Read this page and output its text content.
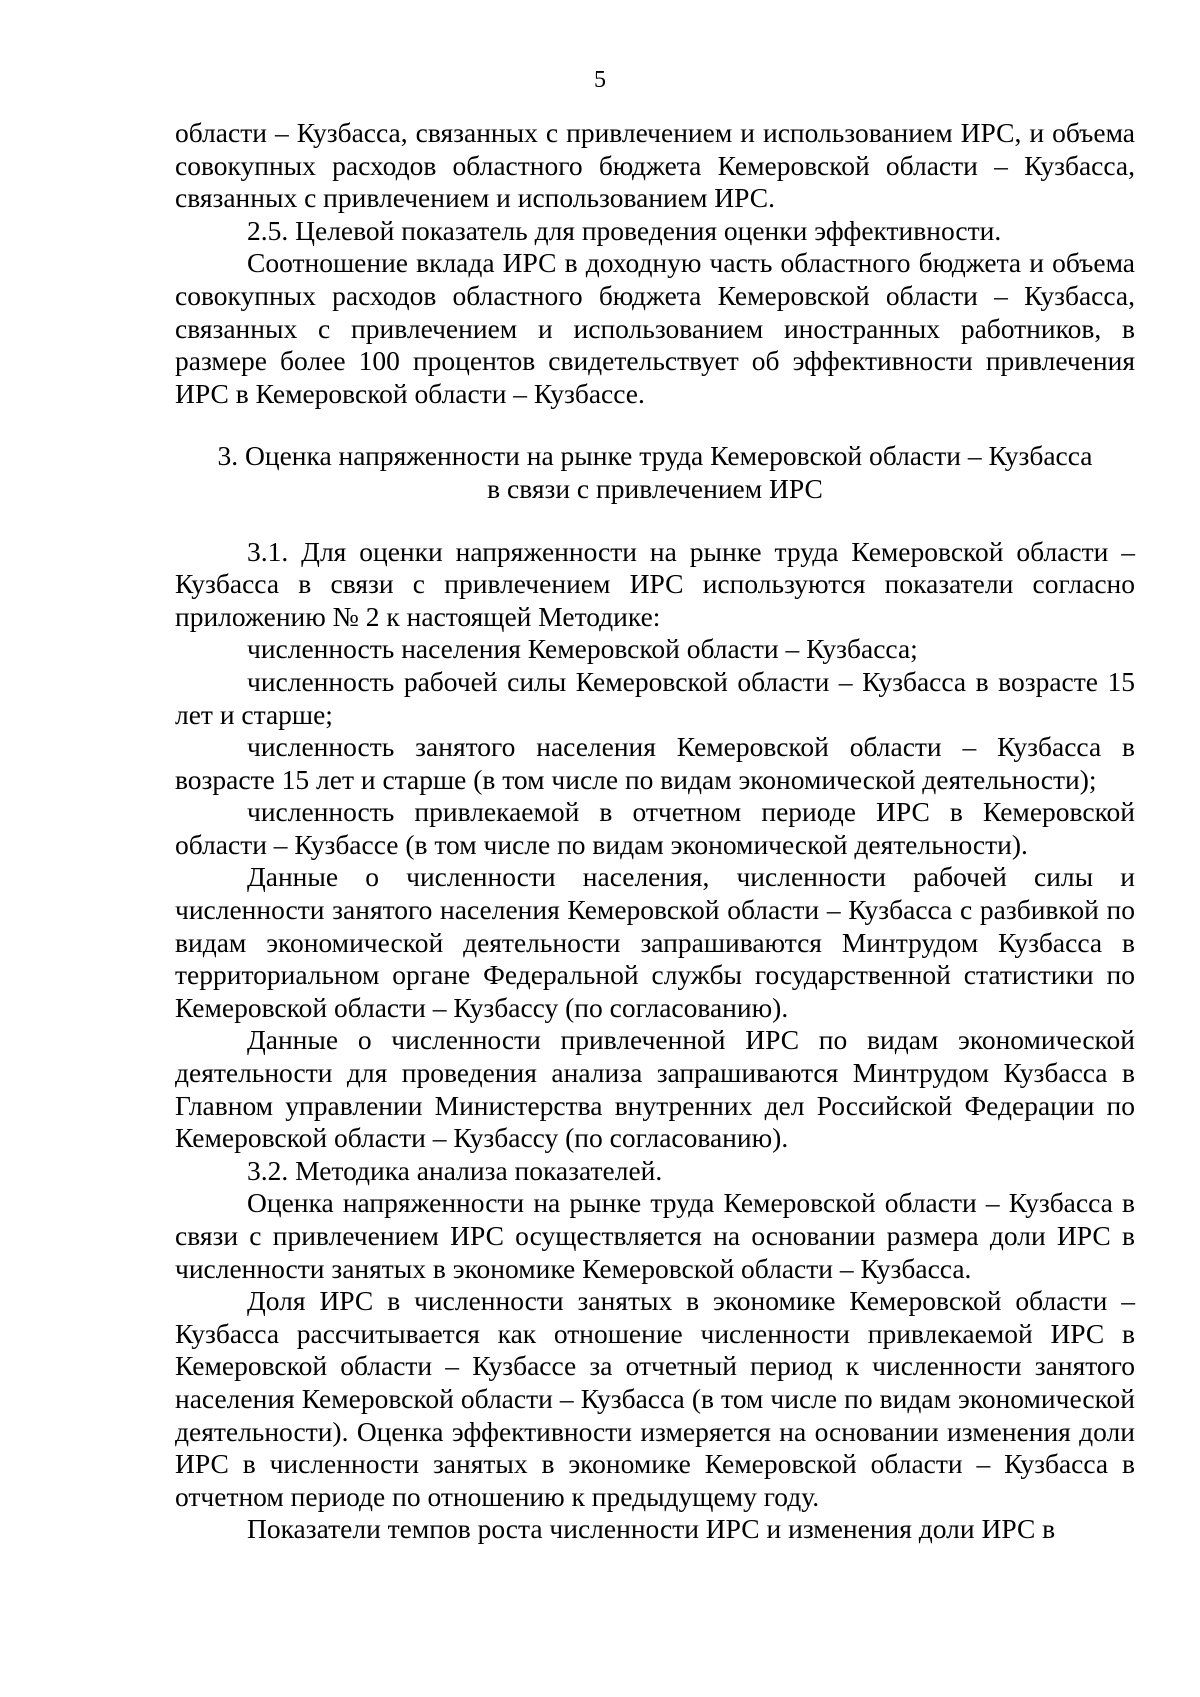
5

области – Кузбасса, связанных с привлечением и использованием ИРС, и объема совокупных расходов областного бюджета Кемеровской области – Кузбасса, связанных с привлечением и использованием ИРС.

2.5. Целевой показатель для проведения оценки эффективности.

Соотношение вклада ИРС в доходную часть областного бюджета и объема совокупных расходов областного бюджета Кемеровской области – Кузбасса, связанных с привлечением и использованием иностранных работников, в размере более 100 процентов свидетельствует об эффективности привлечения ИРС в Кемеровской области – Кузбассе.

3. Оценка напряженности на рынке труда Кемеровской области – Кузбасса

в связи с привлечением ИРС

3.1. Для оценки напряженности на рынке труда Кемеровской области – Кузбасса в связи с привлечением ИРС используются показатели согласно приложению № 2 к настоящей Методике:

численность населения Кемеровской области – Кузбасса;

численность рабочей силы Кемеровской области – Кузбасса в возрасте 15 лет и старше;

численность занятого населения Кемеровской области – Кузбасса в возрасте 15 лет и старше (в том числе по видам экономической деятельности);

численность привлекаемой в отчетном периоде ИРС в Кемеровской области – Кузбассе (в том числе по видам экономической деятельности).

Данные о численности населения, численности рабочей силы и численности занятого населения Кемеровской области – Кузбасса с разбивкой по видам экономической деятельности запрашиваются Минтрудом Кузбасса в территориальном органе Федеральной службы государственной статистики по Кемеровской области – Кузбассу (по согласованию).

Данные о численности привлеченной ИРС по видам экономической деятельности для проведения анализа запрашиваются Минтрудом Кузбасса в Главном управлении Министерства внутренних дел Российской Федерации по Кемеровской области – Кузбассу (по согласованию).

3.2. Методика анализа показателей.

Оценка напряженности на рынке труда Кемеровской области – Кузбасса в связи с привлечением ИРС осуществляется на основании размера доли ИРС в численности занятых в экономике Кемеровской области – Кузбасса.

Доля ИРС в численности занятых в экономике Кемеровской области – Кузбасса рассчитывается как отношение численности привлекаемой ИРС в Кемеровской области – Кузбассе за отчетный период к численности занятого населения Кемеровской области – Кузбасса (в том числе по видам экономической деятельности). Оценка эффективности измеряется на основании изменения доли ИРС в численности занятых в экономике Кемеровской области – Кузбасса в отчетном периоде по отношению к предыдущему году.

Показатели темпов роста численности ИРС и изменения доли ИРС в
